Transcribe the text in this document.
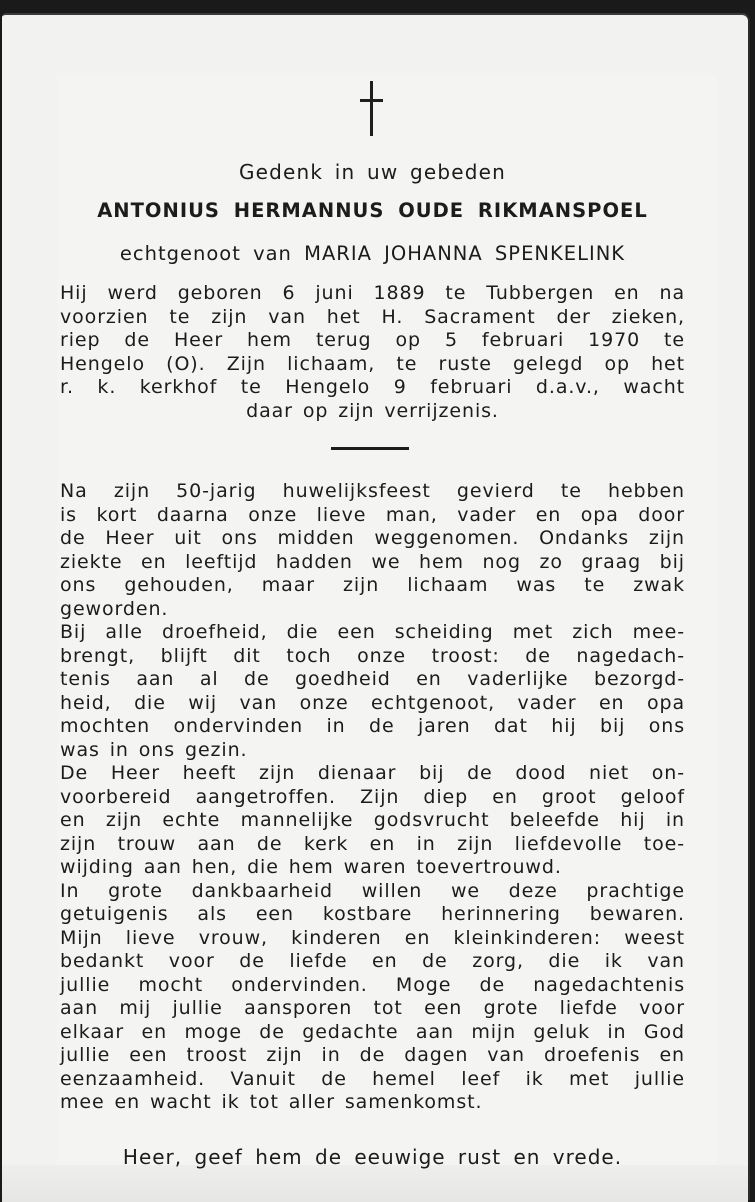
Gedenk in uw gebeden
ANTONIUS HERMANNUS OUDE RIKMANSPOEL
echtgenoot van MARIA JOHANNA SPENKELINK
Hij werd geboren 6 juni 1889 te Tubbergen en na
voorzien te zijn van het H. Sacrament der zieken,
riep de Heer hem terug op 5 februari 1970 te
Hengelo (O). Zijn lichaam, te ruste gelegd op het
r. k. kerkhof te Hengelo 9 februari d.a.v., wacht
daar op zijn verrijzenis.
Na zijn 50-jarig huwelijksfeest gevierd te hebben
is kort daarna onze lieve man, vader en opa door
de Heer uit ons midden weggenomen. Ondanks zijn
ziekte en leeftijd hadden we hem nog zo graag bij
ons gehouden, maar zijn lichaam was te zwak
geworden.
Bij alle droefheid, die een scheiding met zich mee-
brengt, blijft dit toch onze troost: de nagedach-
tenis aan al de goedheid en vaderlijke bezorgd-
heid, die wij van onze echtgenoot, vader en opa
mochten ondervinden in de jaren dat hij bij ons
was in ons gezin.
De Heer heeft zijn dienaar bij de dood niet on-
voorbereid aangetroffen. Zijn diep en groot geloof
en zijn echte mannelijke godsvrucht beleefde hij in
zijn trouw aan de kerk en in zijn liefdevolle toe-
wijding aan hen, die hem waren toevertrouwd.
In grote dankbaarheid willen we deze prachtige
getuigenis als een kostbare herinnering bewaren.
Mijn lieve vrouw, kinderen en kleinkinderen: weest
bedankt voor de liefde en de zorg, die ik van
jullie mocht ondervinden. Moge de nagedachtenis
aan mij jullie aansporen tot een grote liefde voor
elkaar en moge de gedachte aan mijn geluk in God
jullie een troost zijn in de dagen van droefenis en
eenzaamheid. Vanuit de hemel leef ik met jullie
mee en wacht ik tot aller samenkomst.
Heer, geef hem de eeuwige rust en vrede.
